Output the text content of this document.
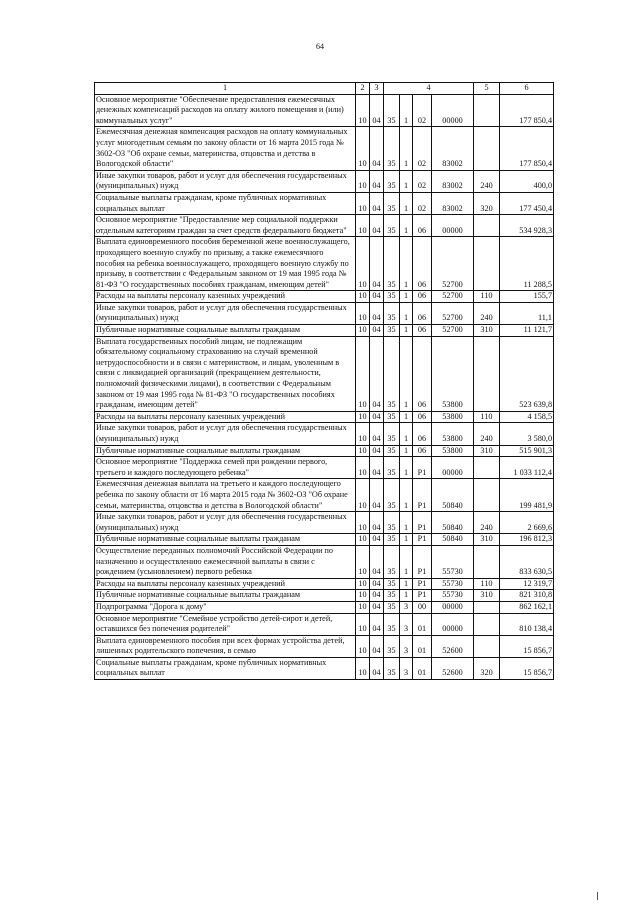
64
1	2	3	4				5	6
Основное мероприятие "Обеспечение предоставления ежемесячных денежных компенсаций расходов на оплату жилого помещения и (или) коммунальных услуг"	10	04	35	1	02	00000		177 850,4
Ежемесячная денежная компенсация расходов на оплату коммунальных услуг многодетным семьям по закону области от 16 марта 2015 года № 3602-ОЗ "Об охране семьи, материнства, отцовства и детства в Вологодской области"	10	04	35	1	02	83002		177 850,4
Иные закупки товаров, работ и услуг для обеспечения государственных (муниципальных) нужд	10	04	35	1	02	83002	240	400,0
Социальные выплаты гражданам, кроме публичных нормативных социальных выплат	10	04	35	1	02	83002	320	177 450,4
Основное мероприятие "Предоставление мер социальной поддержки отдельным категориям граждан за счет средств федерального бюджета"	10	04	35	1	06	00000		534 928,3
Выплата единовременного пособия беременной жене военнослужащего, проходящего военную службу по призыву, а также ежемесячного пособия на ребенка военнослужащего, проходящего военную службу по призыву, в соответствии с Федеральным законом от 19 мая 1995 года № 81-ФЗ "О государственных пособиях гражданам, имеющим детей"	10	04	35	1	06	52700		11 288,5
Расходы на выплаты персоналу казенных учреждений	10	04	35	1	06	52700	110	155,7
Иные закупки товаров, работ и услуг для обеспечения государственных (муниципальных) нужд	10	04	35	1	06	52700	240	11,1
Публичные нормативные социальные выплаты гражданам	10	04	35	1	06	52700	310	11 121,7
Выплата государственных пособий лицам, не подлежащим обязательному социальному страхованию на случай временной нетрудоспособности и в связи с материнством, и лицам, уволенным в связи с ликвидацией организаций (прекращением деятельности, полномочий физическими лицами), в соответствии с Федеральным законом от 19 мая 1995 года № 81-ФЗ "О государственных пособиях гражданам, имеющим детей"	10	04	35	1	06	53800		523 639,8
Расходы на выплаты персоналу казенных учреждений	10	04	35	1	06	53800	110	4 158,5
Иные закупки товаров, работ и услуг для обеспечения государственных (муниципальных) нужд	10	04	35	1	06	53800	240	3 580,0
Публичные нормативные социальные выплаты гражданам	10	04	35	1	06	53800	310	515 901,3
Основное мероприятие "Поддержка семей при рождении первого, третьего и каждого последующего ребенка"	10	04	35	1	P1	00000		1 033 112,4
Ежемесячная денежная выплата на третьего и каждого последующего ребенка по закону области от 16 марта 2015 года № 3602-ОЗ "Об охране семьи, материнства, отцовства и детства в Вологодской области"	10	04	35	1	P1	50840		199 481,9
Иные закупки товаров, работ и услуг для обеспечения государственных (муниципальных) нужд	10	04	35	1	P1	50840	240	2 669,6
Публичные нормативные социальные выплаты гражданам	10	04	35	1	P1	50840	310	196 812,3
Осуществление переданных полномочий Российской Федерации по назначению и осуществлению ежемесячной выплаты в связи с рождением (усыновлением) первого ребенка	10	04	35	1	P1	55730		833 630,5
Расходы на выплаты персоналу казенных учреждений	10	04	35	1	P1	55730	110	12 319,7
Публичные нормативные социальные выплаты гражданам	10	04	35	1	P1	55730	310	821 310,8
Подпрограмма "Дорога к дому"	10	04	35	3	00	00000		862 162,1
Основное мероприятие "Семейное устройство детей-сирот и детей, оставшихся без попечения родителей"	10	04	35	3	01	00000		810 138,4
Выплата единовременного пособия при всех формах устройства детей, лишенных родительского попечения, в семью	10	04	35	3	01	52600		15 856,7
Социальные выплаты гражданам, кроме публичных нормативных социальных выплат	10	04	35	3	01	52600	320	15 856,7
